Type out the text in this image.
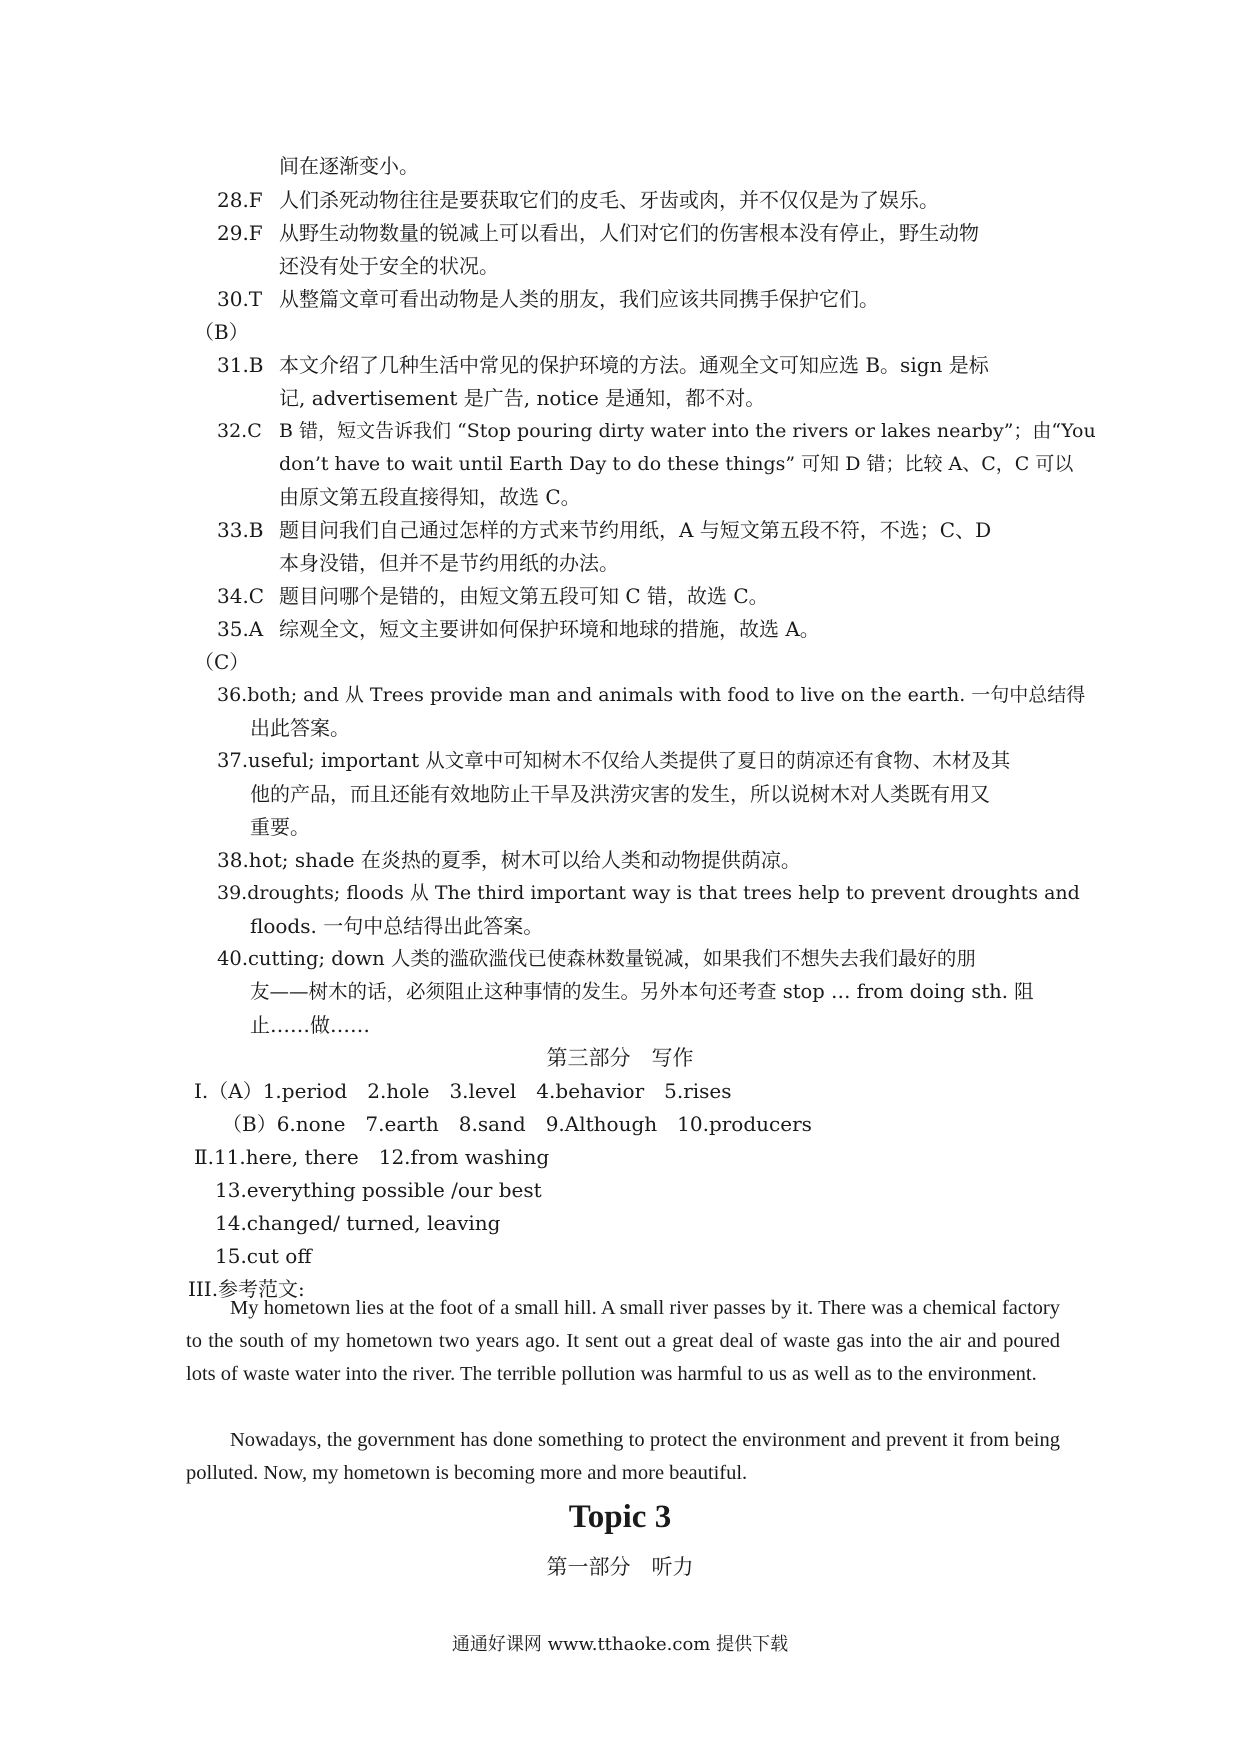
间在逐渐变小。
28.F 人们杀死动物往往是要获取它们的皮毛、牙齿或肉，并不仅仅是为了娱乐。
29.F 从野生动物数量的锐减上可以看出，人们对它们的伤害根本没有停止，野生动物
还没有处于安全的状况。
30.T 从整篇文章可看出动物是人类的朋友，我们应该共同携手保护它们。
（B）
31.B 本文介绍了几种生活中常见的保护环境的方法。通观全文可知应选 B。sign 是标
记, advertisement 是广告, notice 是通知，都不对。
32.C B 错，短文告诉我们 “Stop pouring dirty water into the rivers or lakes nearby”；由“You
don’t have to wait until Earth Day to do these things” 可知 D 错；比较 A、C，C 可以
由原文第五段直接得知，故选 C。
33.B 题目问我们自己通过怎样的方式来节约用纸，A 与短文第五段不符，不选；C、D
本身没错，但并不是节约用纸的办法。
34.C 题目问哪个是错的，由短文第五段可知 C 错，故选 C。
35.A 综观全文，短文主要讲如何保护环境和地球的措施，故选 A。
（C）
36.both; and 从 Trees provide man and animals with food to live on the earth. 一句中总结得
出此答案。
37.useful; important 从文章中可知树木不仅给人类提供了夏日的荫凉还有食物、木材及其
他的产品，而且还能有效地防止干旱及洪涝灾害的发生，所以说树木对人类既有用又
重要。
38.hot; shade 在炎热的夏季，树木可以给人类和动物提供荫凉。
39.droughts; floods 从 The third important way is that trees help to prevent droughts and
floods. 一句中总结得出此答案。
40.cutting; down 人类的滥砍滥伐已使森林数量锐减，如果我们不想失去我们最好的朋
友——树木的话，必须阻止这种事情的发生。另外本句还考查 stop … from doing sth. 阻
止……做……
第三部分　写作
Ⅰ.（A）1.period　2.hole　3.level　4.behavior　5.rises
（B）6.none　7.earth　8.sand　9.Although　10.producers
Ⅱ.11.here, there　12.from washing
13.everything possible /our best
14.changed/ turned, leaving
15.cut off
III.参考范文:

My hometown lies at the foot of a small hill. A small river passes by it. There was a chemical factory to the south of my hometown two years ago. It sent out a great deal of waste gas into the air and poured lots of waste water into the river. The terrible pollution was harmful to us as well as to the environment.

Nowadays, the government has done something to protect the environment and prevent it from being polluted. Now, my hometown is becoming more and more beautiful.

Topic 3
第一部分　听力
通通好课网 www.tthaoke.com 提供下载
